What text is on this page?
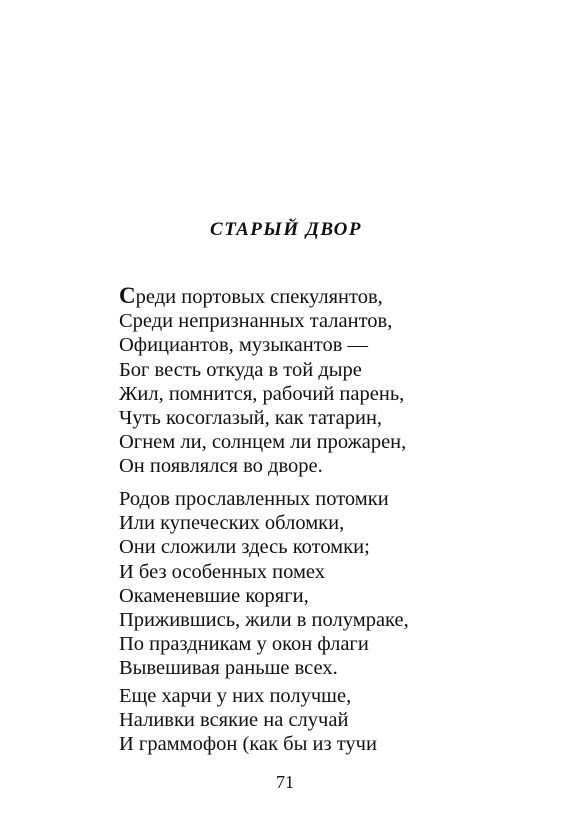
СТАРЫЙ ДВОР
Среди портовых спекулянтов,
Среди непризнанных талантов,
Официантов, музыкантов —
Бог весть откуда в той дыре
Жил, помнится, рабочий парень,
Чуть косоглазый, как татарин,
Огнем ли, солнцем ли прожарен,
Он появлялся во дворе.
Родов прославленных потомки
Или купеческих обломки,
Они сложили здесь котомки;
И без особенных помех
Окаменевшие коряги,
Прижившись, жили в полумраке,
По праздникам у окон флаги
Вывешивая раньше всех.
Еще харчи у них получше,
Наливки всякие на случай
И граммофон (как бы из тучи
71
